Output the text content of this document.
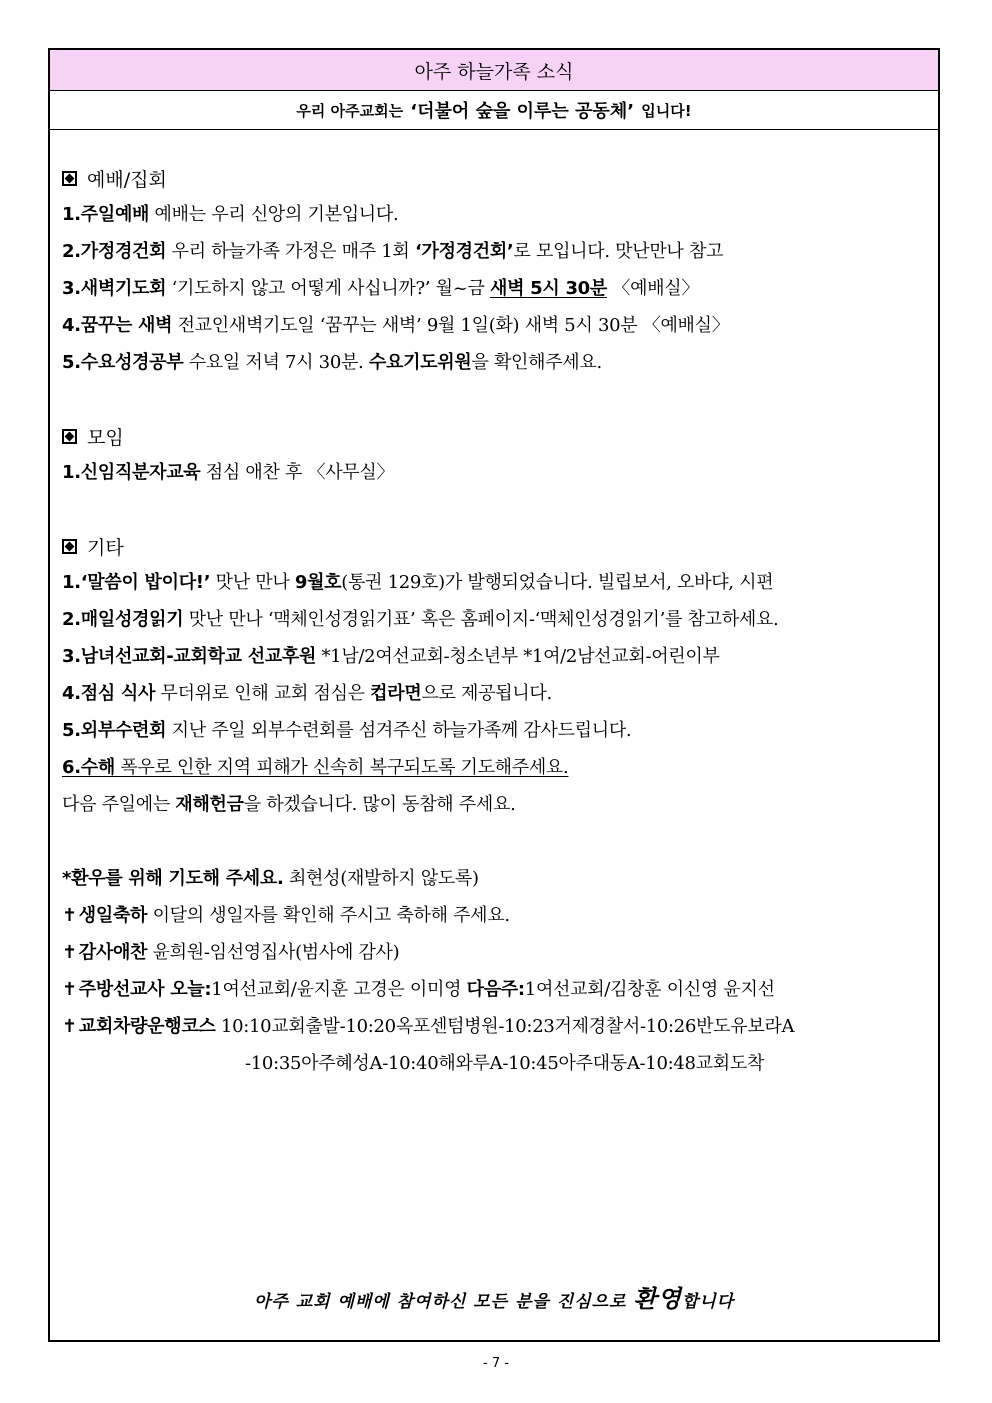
아주 하늘가족 소식
우리 아주교회는
‘더불어 숲을 이루는 공동체’
입니다!
예배/집회
1.주일예배 예배는 우리 신앙의 기본입니다.
2.가정경건회 우리 하늘가족 가정은 매주 1회 ‘가정경건회’로 모입니다. 맛난만나 참고
3.새벽기도회 ‘기도하지 않고 어떻게 사십니까?’ 월~금 새벽 5시 30분 〈예배실〉
4.꿈꾸는 새벽 전교인새벽기도일 ‘꿈꾸는 새벽’ 9월 1일(화) 새벽 5시 30분 〈예배실〉
5.수요성경공부 수요일 저녁 7시 30분. 수요기도위원을 확인해주세요.
모임
1.신임직분자교육 점심 애찬 후 〈사무실〉
기타
1.‘말씀이 밥이다!’ 맛난 만나 9월호(통권 129호)가 발행되었습니다. 빌립보서, 오바댜, 시편
2.매일성경읽기 맛난 만나 ‘맥체인성경읽기표’ 혹은 홈페이지-‘맥체인성경읽기’를 참고하세요.
3.남녀선교회-교회학교 선교후원 *1남/2여선교회-청소년부 *1여/2남선교회-어린이부
4.점심 식사 무더위로 인해 교회 점심은 컵라면으로 제공됩니다.
5.외부수련회 지난 주일 외부수련회를 섬겨주신 하늘가족께 감사드립니다.
6.수해 폭우로 인한 지역 피해가 신속히 복구되도록 기도해주세요.
다음 주일에는 재해헌금을 하겠습니다. 많이 동참해 주세요.
*환우를 위해 기도해 주세요. 최현성(재발하지 않도록)
✝ 생일축하 이달의 생일자를 확인해 주시고 축하해 주세요.
✝ 감사애찬 윤희원-임선영집사(범사에 감사)
✝ 주방선교사 오늘:1여선교회/윤지훈 고경은 이미영 다음주:1여선교회/김창훈 이신영 윤지선
✝ 교회차량운행코스 10:10교회출발-10:20옥포센텀병원-10:23거제경찰서-10:26반도유보라A
-10:35아주혜성A-10:40해와루A-10:45아주대동A-10:48교회도착
아주 교회 예배에 참여하신 모든 분을 진심으로 환영합니다
- 7 -
